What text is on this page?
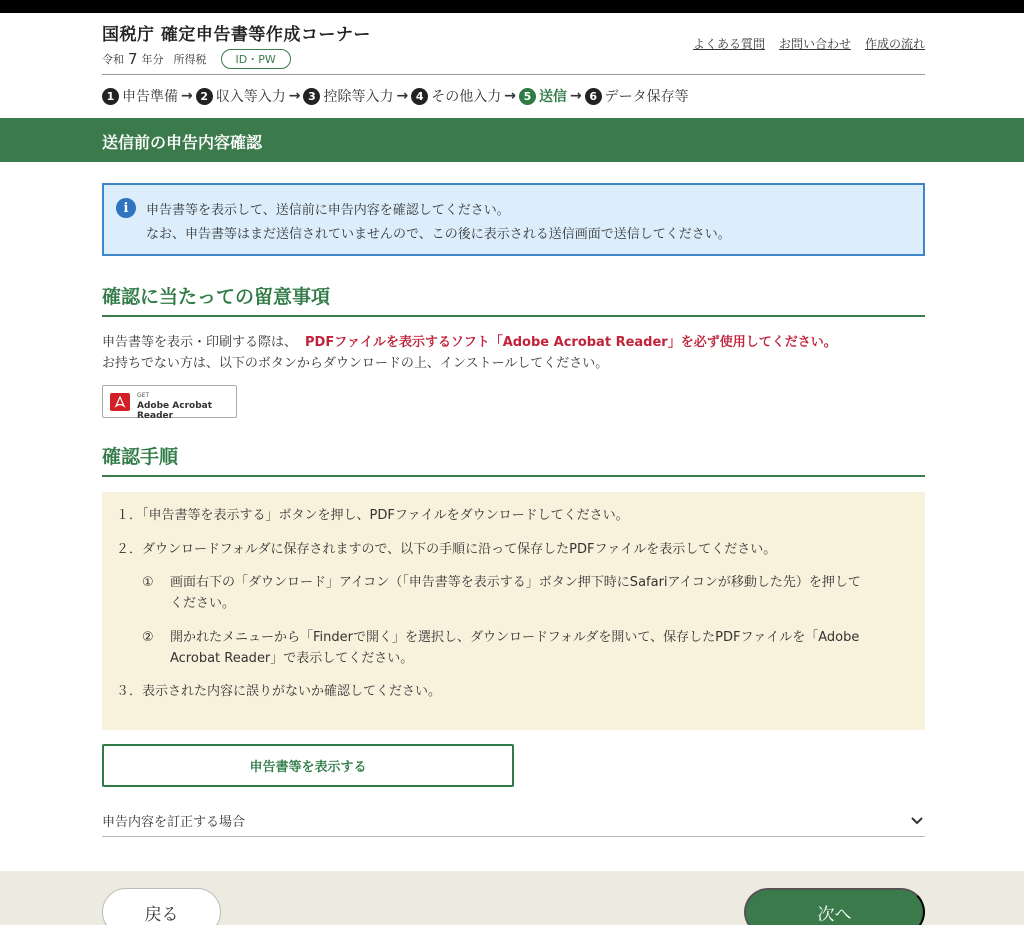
国税庁 確定申告書等作成コーナー
令和 7 年分 所得税	ID・PW
よくある質問 お問い合わせ 作成の流れ
1 申告準備 → 2 収入等入力 → 3 控除等入力 → 4 その他入力 → 5 送信 → 6 データ保存等
送信前の申告内容確認
i	申告書等を表示して、送信前に申告内容を確認してください。

なお、申告書等はまだ送信されていませんので、この後に表示される送信画面で送信してください。

確認に当たっての留意事項
申告書等を表示・印刷する際は、 PDFファイルを表示するソフト「Adobe Acrobat Reader」を必ず使用してください。
お持ちでない方は、以下のボタンからダウンロードの上、インストールしてください。
GET
Adobe Acrobat Reader
確認手順
１．「申告書等を表示する」ボタンを押し、PDFファイルをダウンロードしてください。
２．ダウンロードフォルダに保存されますので、以下の手順に沿って保存したPDFファイルを表示してください。
① 画面右下の「ダウンロード」アイコン（「申告書等を表示する」ボタン押下時にSafariアイコンが移動した先）を押して
ください。
② 開かれたメニューから「Finderで開く」を選択し、ダウンロードフォルダを開いて、保存したPDFファイルを「Adobe
Acrobat Reader」で表示してください。
３．表示された内容に誤りがないか確認してください。
申告書等を表示する
申告内容を訂正する場合
戻る	次へ
